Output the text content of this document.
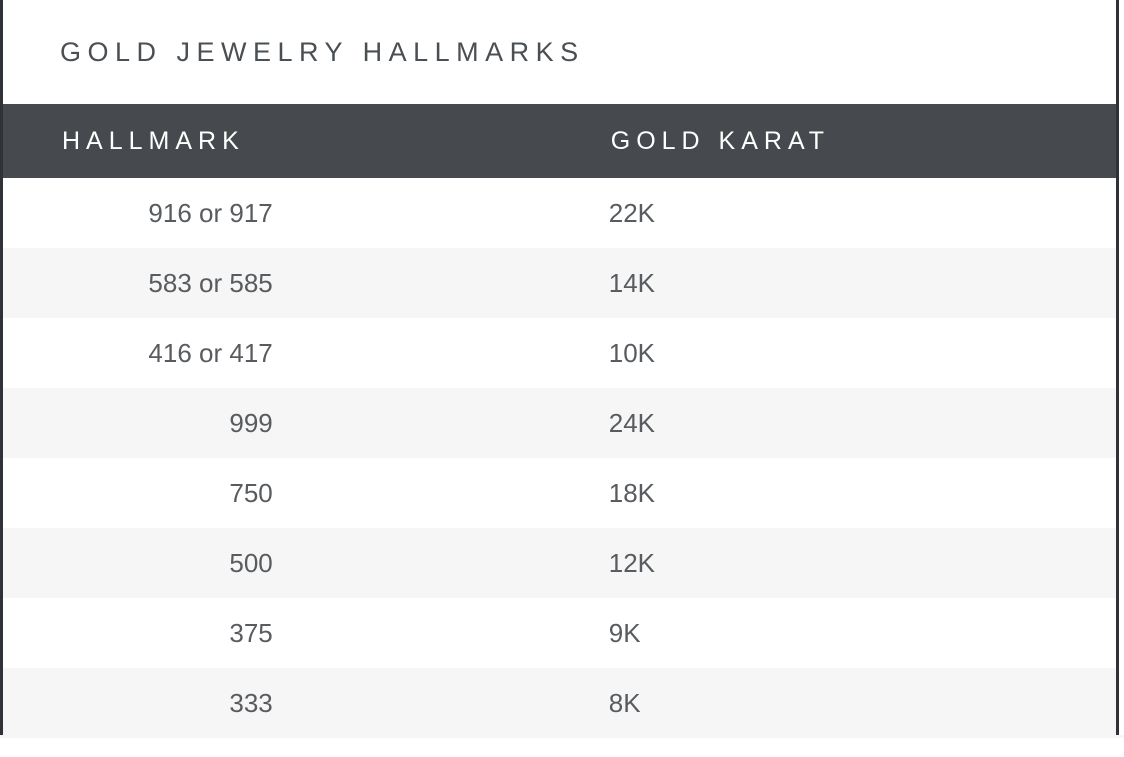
GOLD JEWELRY HALLMARKS
HALLMARK	GOLD KARAT
916 or 917	22K
583 or 585	14K
416 or 417	10K
999	24K
750	18K
500	12K
375	9K
333	8K
